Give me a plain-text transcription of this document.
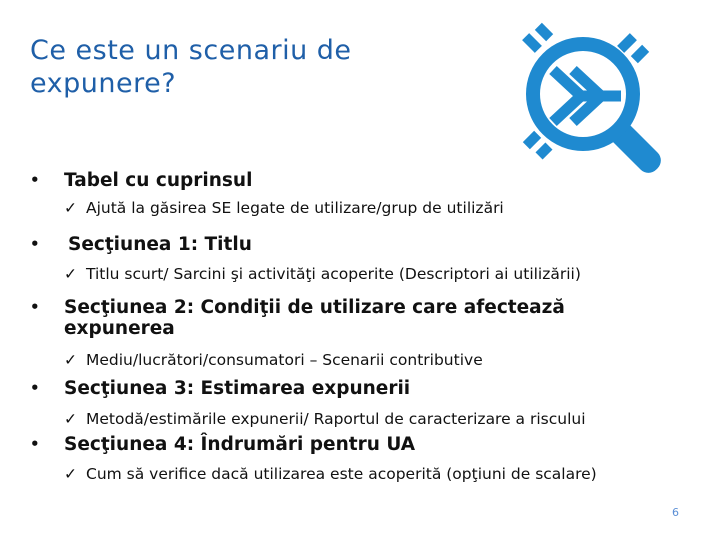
Ce este un scenariu de expunere?
• Tabel cu cuprinsul
✓ Ajută la găsirea SE legate de utilizare/grup de utilizări
• Secţiunea 1: Titlu
✓ Titlu scurt/ Sarcini şi activităţi acoperite (Descriptori ai utilizării)
• Secţiunea 2: Condiţii de utilizare care afectează expunerea
✓ Mediu/lucrători/consumatori – Scenarii contributive
• Secţiunea 3: Estimarea expunerii
✓ Metodă/estimările expunerii/ Raportul de caracterizare a riscului
• Secţiunea 4: Îndrumări pentru UA
✓ Cum să verifice dacă utilizarea este acoperită (opţiuni de scalare)
6
